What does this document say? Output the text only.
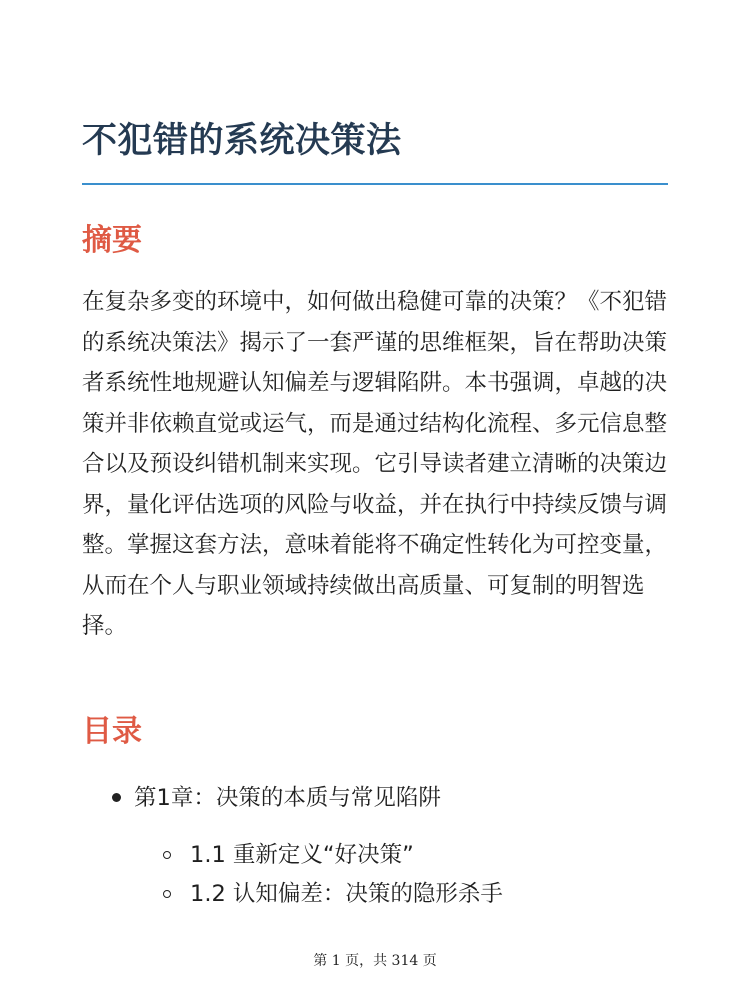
不犯错的系统决策法
摘要

在复杂多变的环境中，如何做出稳健可靠的决策？《不犯错的系统决策法》揭示了一套严谨的思维框架，旨在帮助决策者系统性地规避认知偏差与逻辑陷阱。本书强调，卓越的决策并非依赖直觉或运气，而是通过结构化流程、多元信息整合以及预设纠错机制来实现。它引导读者建立清晰的决策边界，量化评估选项的风险与收益，并在执行中持续反馈与调整。掌握这套方法，意味着能将不确定性转化为可控变量，从而在个人与职业领域持续做出高质量、可复制的明智选择。

目录
第1章：决策的本质与常见陷阱
1.1 重新定义“好决策”
1.2 认知偏差：决策的隐形杀手
第 1 页，共 314 页
